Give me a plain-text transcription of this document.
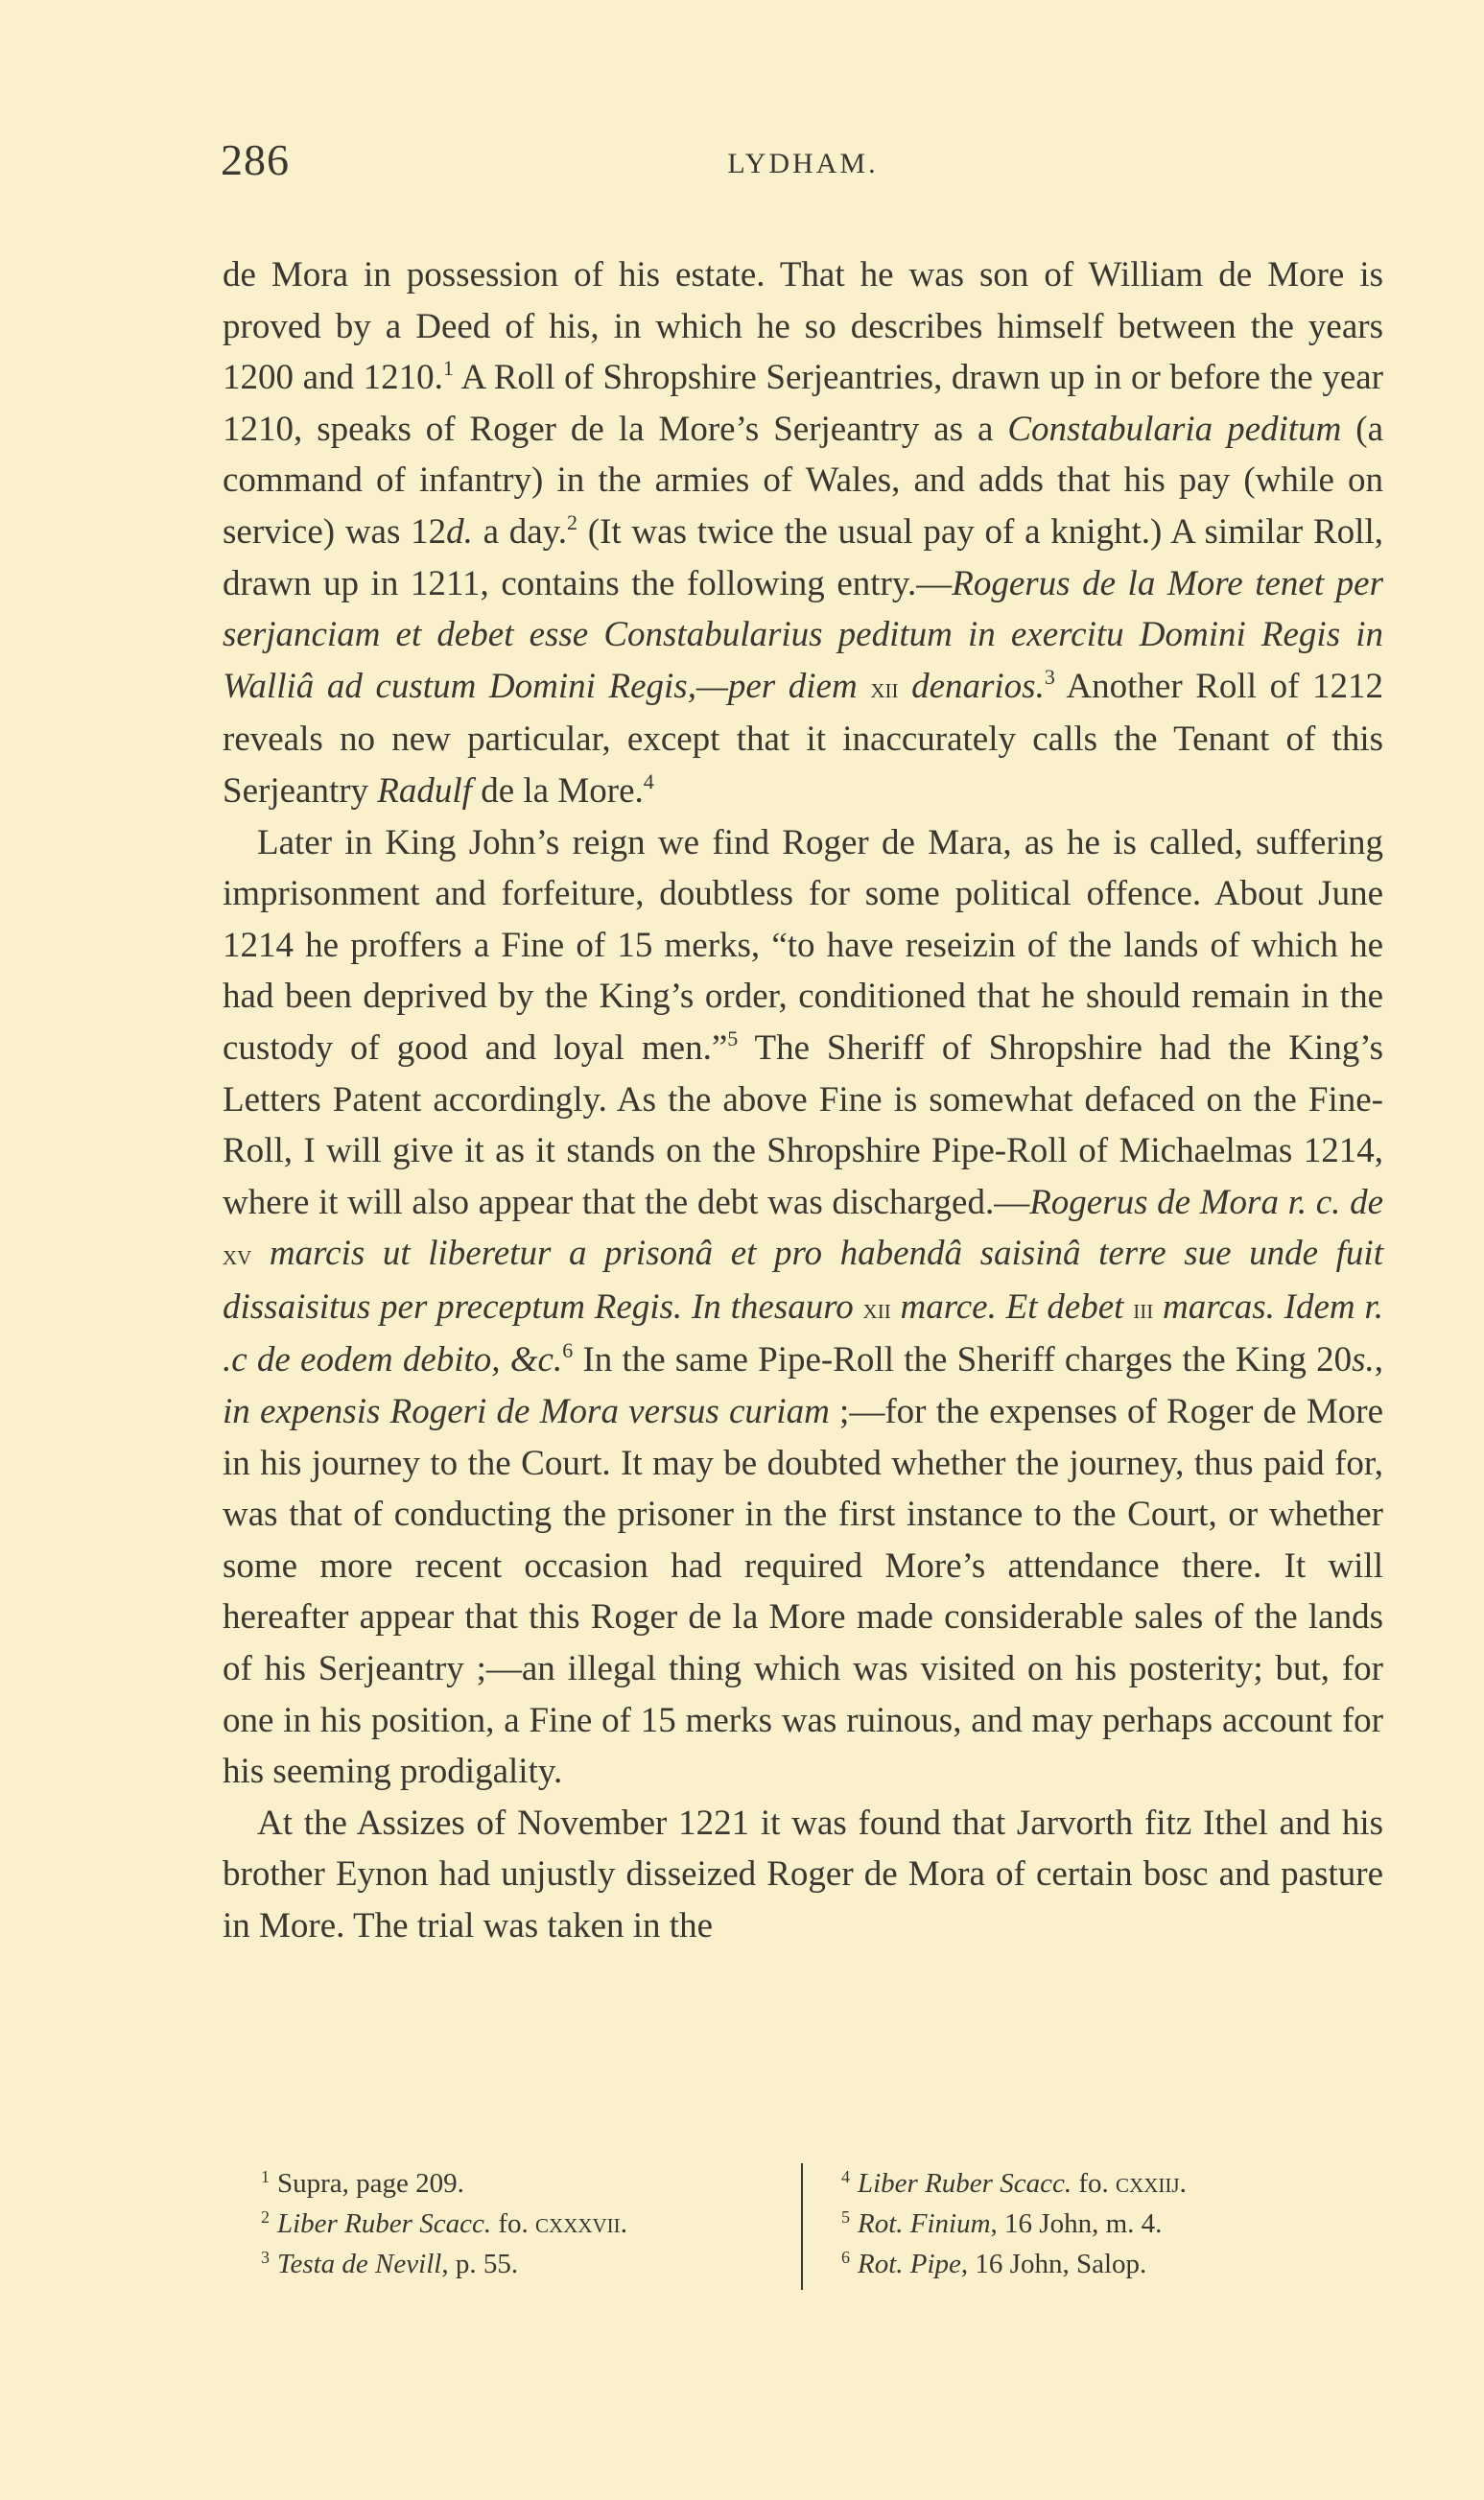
286	LYDHAM.

de Mora in possession of his estate. That he was son of William de More is proved by a Deed of his, in which he so describes himself between the years 1200 and 1210.$^1$ A Roll of Shropshire Serjeantries, drawn up in or before the year 1210, speaks of Roger de la More’s Serjeantry as a Constabularia peditum (a command of infantry) in the armies of Wales, and adds that his pay (while on service) was 12d. a day.$^2$ (It was twice the usual pay of a knight.) A similar Roll, drawn up in 1211, contains the following entry.—Rogerus de la More tenet per serjanciam et debet esse Constabularius peditum in exercitu Domini Regis in Walliâ ad custum Domini Regis,—per diem xii denarios.$^3$ Another Roll of 1212 reveals no new particular, except that it inaccurately calls the Tenant of this Serjeantry Radulf de la More.$^4$

Later in King John’s reign we find Roger de Mara, as he is called, suffering imprisonment and forfeiture, doubtless for some political offence. About June 1214 he proffers a Fine of 15 merks, “to have reseizin of the lands of which he had been deprived by the King’s order, conditioned that he should remain in the custody of good and loyal men.”$^5$ The Sheriff of Shropshire had the King’s Letters Patent accordingly. As the above Fine is somewhat defaced on the Fine-Roll, I will give it as it stands on the Shropshire Pipe-Roll of Michaelmas 1214, where it will also appear that the debt was discharged.—Rogerus de Mora r. c. de xv marcis ut liberetur a prisonâ et pro habendâ saisinâ terre sue unde fuit dissaisitus per preceptum Regis. In thesauro xii marce. Et debet iii marcas. Idem r. .c de eodem debito, &c.$^6$ In the same Pipe-Roll the Sheriff charges the King 20s., in expensis Rogeri de Mora versus curiam ;—for the expenses of Roger de More in his journey to the Court. It may be doubted whether the journey, thus paid for, was that of conducting the prisoner in the first instance to the Court, or whether some more recent occasion had required More’s attendance there. It will hereafter appear that this Roger de la More made considerable sales of the lands of his Serjeantry ;—an illegal thing which was visited on his posterity; but, for one in his position, a Fine of 15 merks was ruinous, and may perhaps account for his seeming prodigality.

At the Assizes of November 1221 it was found that Jarvorth fitz Ithel and his brother Eynon had unjustly disseized Roger de Mora of certain bosc and pasture in More. The trial was taken in the

$^1$ Supra, page 209.
$^2$ Liber Ruber Scacc. fo. cxxxvii.
$^3$ Testa de Nevill, p. 55.
$^4$ Liber Ruber Scacc. fo. cxxiij.
$^5$ Rot. Finium, 16 John, m. 4.
$^6$ Rot. Pipe, 16 John, Salop.
